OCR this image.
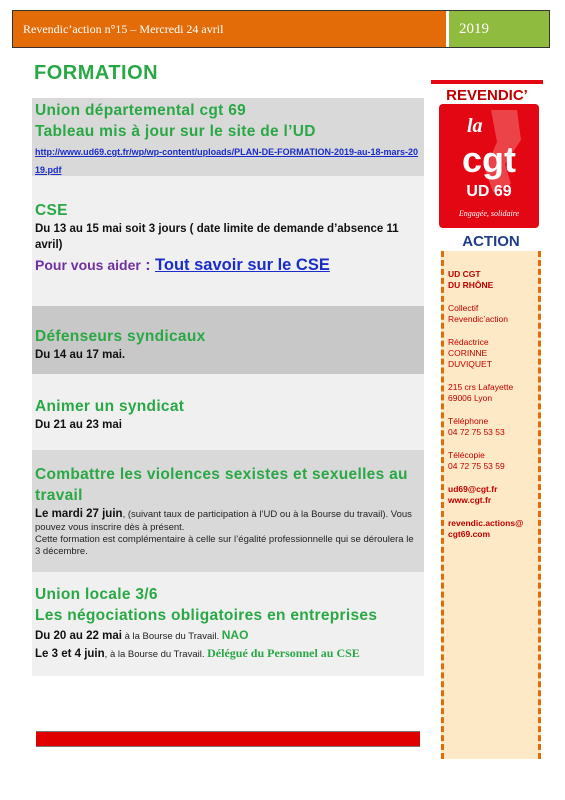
Revendic’action n°15 – Mercredi 24 avril	2019
FORMATION
Union départemental cgt 69
Tableau mis à jour sur le site de l’UD
http://www.ud69.cgt.fr/wp/wp-content/uploads/PLAN-DE-FORMATION-2019-au-18-mars-2019.pdf
CSE
Du 13 au 15 mai soit 3 jours ( date limite de demande d’absence 11 avril)
Pour vous aider : Tout savoir sur le CSE
Défenseurs syndicaux
Du 14 au 17 mai.
Animer un syndicat
Du 21 au 23 mai
Combattre les violences sexistes et sexuelles au travail
Le mardi 27 juin, (suivant taux de participation à l’UD ou à la Bourse du travail). Vous pouvez vous inscrire dès à présent.
Cette formation est complémentaire à celle sur l’égalité professionnelle qui se déroulera le 3 décembre.
Union locale 3/6
Les négociations obligatoires en entreprises
Du 20 au 22 mai à la Bourse du Travail. NAO
Le 3 et 4 juin, à la Bourse du Travail. Délégué du Personnel au CSE
REVENDIC’
la
cgt
UD 69
Engagée, solidaire
ACTION

UD CGT
DU RHÔNE

Collectif
Revendic’action

Rédactrice
CORINNE DUVIQUET

215 crs Lafayette
69006 Lyon

Téléphone
04 72 75 53 53

Télécopie
04 72 75 53 59

ud69@cgt.fr
www.cgt.fr

revendic.actions@
cgt69.com
